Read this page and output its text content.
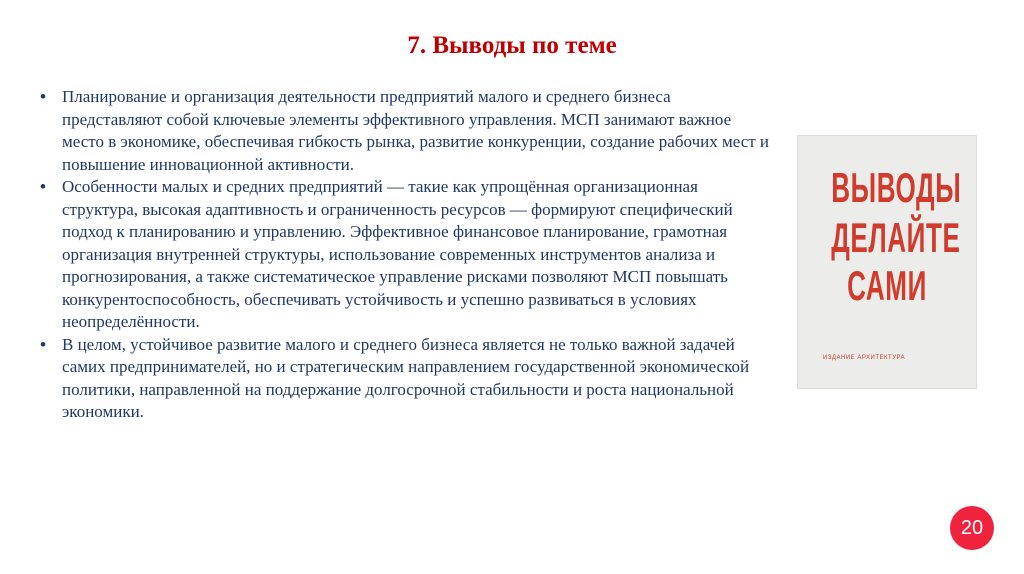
7. Выводы по теме
• Планирование и организация деятельности предприятий малого и среднего бизнеса представляют собой ключевые элементы эффективного управления. МСП занимают важное место в экономике, обеспечивая гибкость рынка, развитие конкуренции, создание рабочих мест и повышение инновационной активности.
• Особенности малых и средних предприятий — такие как упрощённая организационная структура, высокая адаптивность и ограниченность ресурсов — формируют специфический подход к планированию и управлению. Эффективное финансовое планирование, грамотная организация внутренней структуры, использование современных инструментов анализа и прогнозирования, а также систематическое управление рисками позволяют МСП повышать конкурентоспособность, обеспечивать устойчивость и успешно развиваться в условиях неопределённости.
• В целом, устойчивое развитие малого и среднего бизнеса является не только важной задачей самих предпринимателей, но и стратегическим направлением государственной экономической политики, направленной на поддержание долгосрочной стабильности и роста национальной экономики.
ВЫВОДЫ
ДЕЛАЙТЕ
САМИ
ИЗДАНИЕ АРХИТЕКТУРА
20
